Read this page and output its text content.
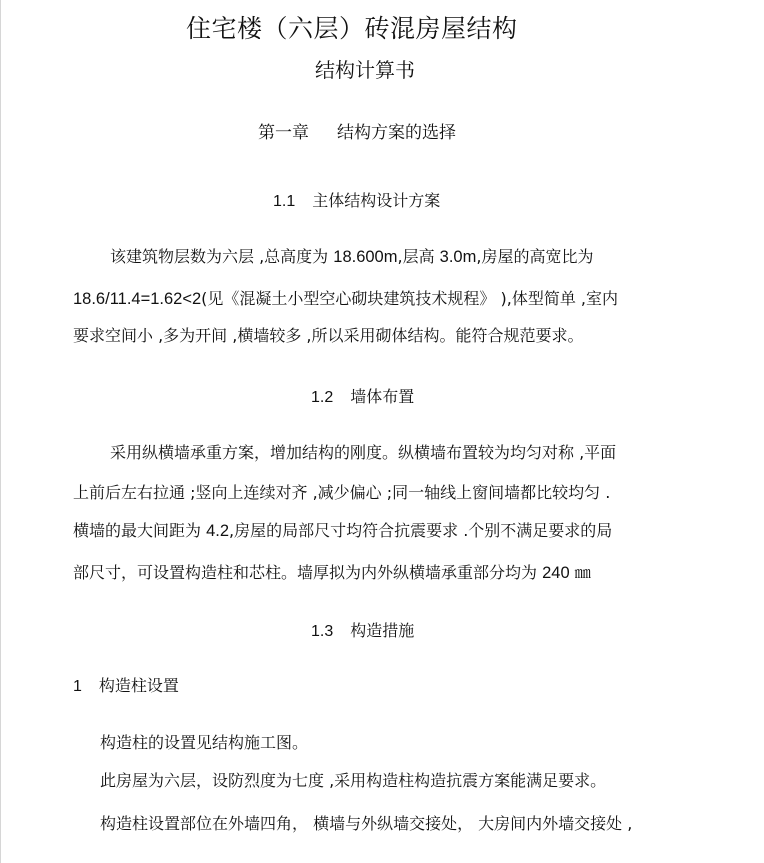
住宅楼（六层）砖混房屋结构
结构计算书
第一章 结构方案的选择
1.1 主体结构设计方案
该建筑物层数为六层 ,总高度为 18.600m,层高 3.0m,房屋的高宽比为
18.6/11.4=1.62<2(见《混凝土小型空心砌块建筑技术规程》 ),体型简单 ,室内
要求空间小 ,多为开间 ,横墙较多 ,所以采用砌体结构。能符合规范要求。
1.2 墙体布置
采用纵横墙承重方案，增加结构的刚度。纵横墙布置较为均匀对称 ,平面
上前后左右拉通 ;竖向上连续对齐 ,减少偏心 ;同一轴线上窗间墙都比较均匀 .
横墙的最大间距为 4.2,房屋的局部尺寸均符合抗震要求 .个别不满足要求的局
部尺寸，可设置构造柱和芯柱。墙厚拟为内外纵横墙承重部分均为 240 ㎜
1.3 构造措施
1 构造柱设置
构造柱的设置见结构施工图。
此房屋为六层，设防烈度为七度 ,采用构造柱构造抗震方案能满足要求。
构造柱设置部位在外墙四角， 横墙与外纵墙交接处， 大房间内外墙交接处 ,
